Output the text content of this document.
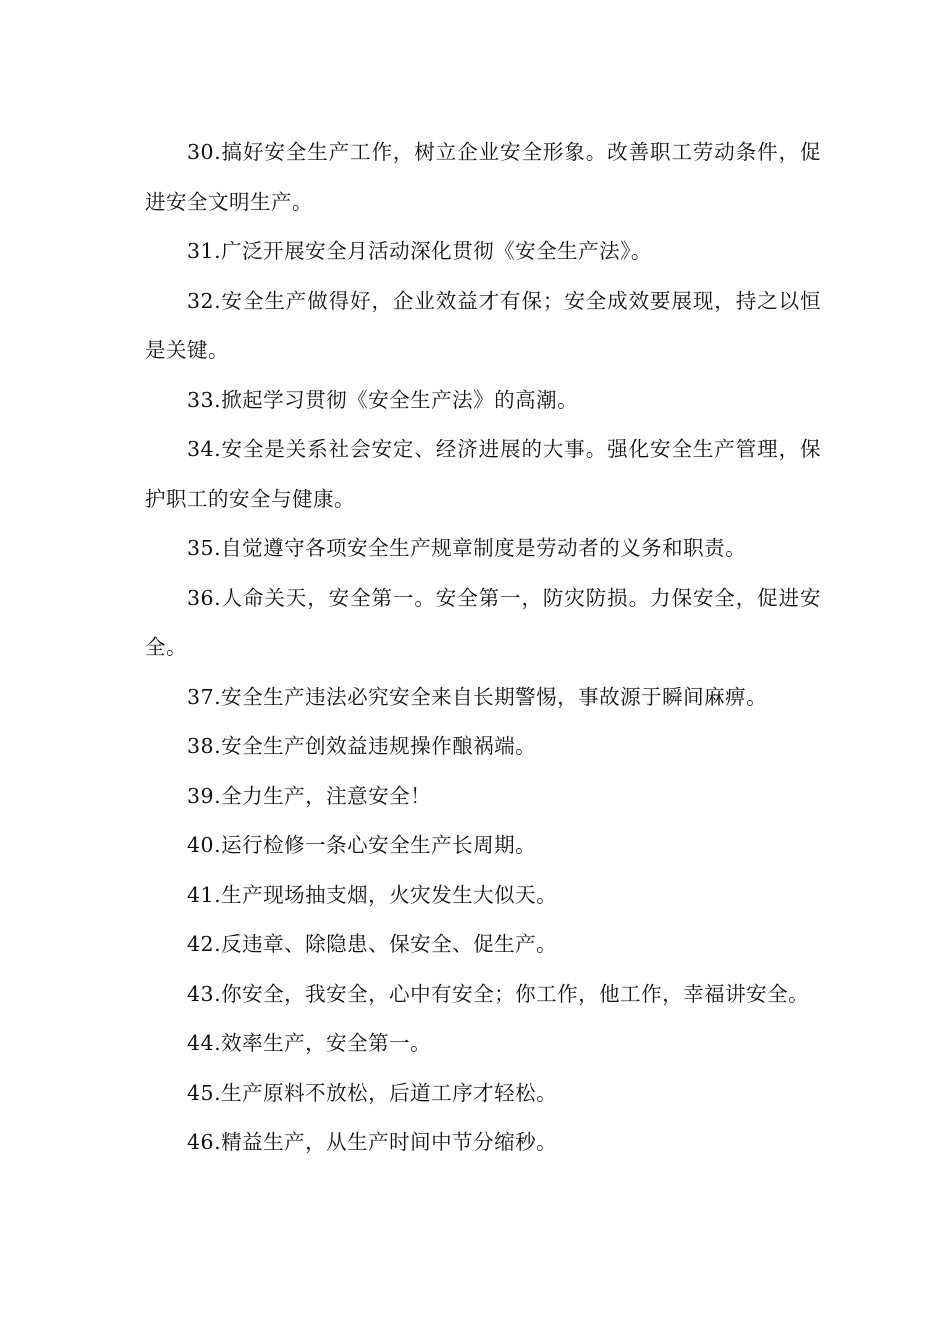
30.搞好安全生产工作，树立企业安全形象。改善职工劳动条件，促进安全文明生产。

31.广泛开展安全月活动深化贯彻《安全生产法》。

32.安全生产做得好，企业效益才有保；安全成效要展现，持之以恒是关键。

33.掀起学习贯彻《安全生产法》的高潮。

34.安全是关系社会安定、经济进展的大事。强化安全生产管理，保护职工的安全与健康。

35.自觉遵守各项安全生产规章制度是劳动者的义务和职责。

36.人命关天，安全第一。安全第一，防灾防损。力保安全，促进安全。

37.安全生产违法必究安全来自长期警惕，事故源于瞬间麻痹。

38.安全生产创效益违规操作酿祸端。

39.全力生产，注意安全！

40.运行检修一条心安全生产长周期。

41.生产现场抽支烟，火灾发生大似天。

42.反违章、除隐患、保安全、促生产。

43.你安全，我安全，心中有安全；你工作，他工作，幸福讲安全。

44.效率生产，安全第一。

45.生产原料不放松，后道工序才轻松。

46.精益生产，从生产时间中节分缩秒。
